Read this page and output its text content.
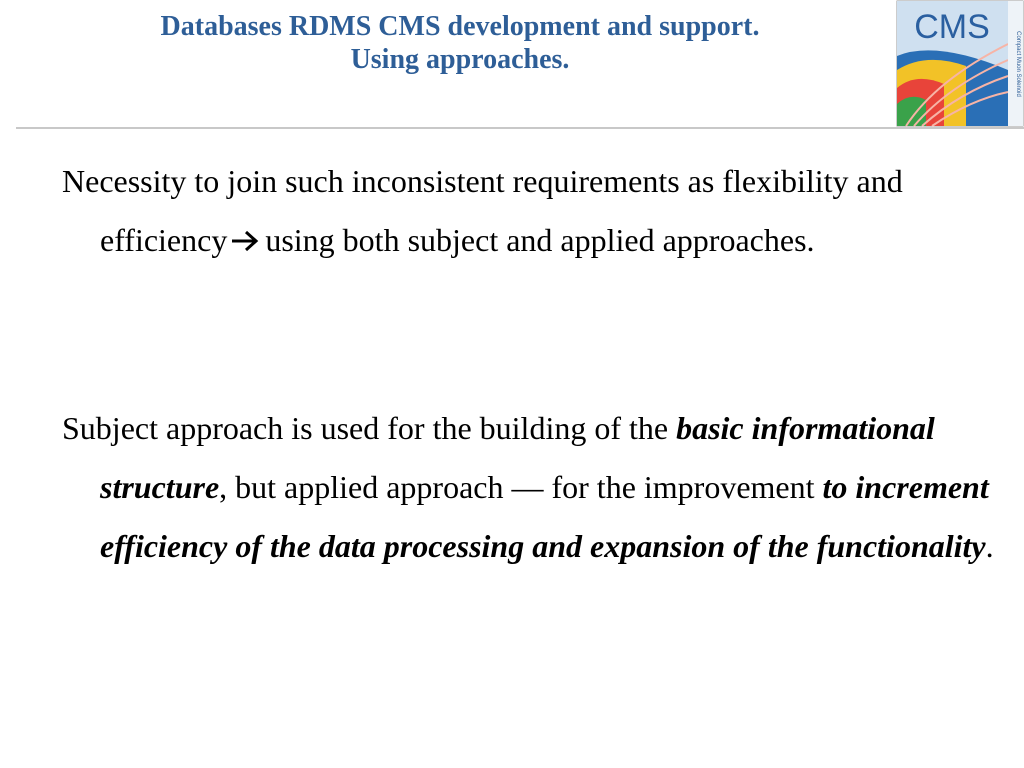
Databases RDMS CMS development and support.
Using approaches.	Compact Muon Solenoid
CMS
Necessity to join such inconsistent requirements as flexibility and efficiency using both subject and applied approaches.
Subject approach is used for the building of the basic informational structure, but applied approach — for the improvement to increment efficiency of the data processing and expansion of the functionality.
